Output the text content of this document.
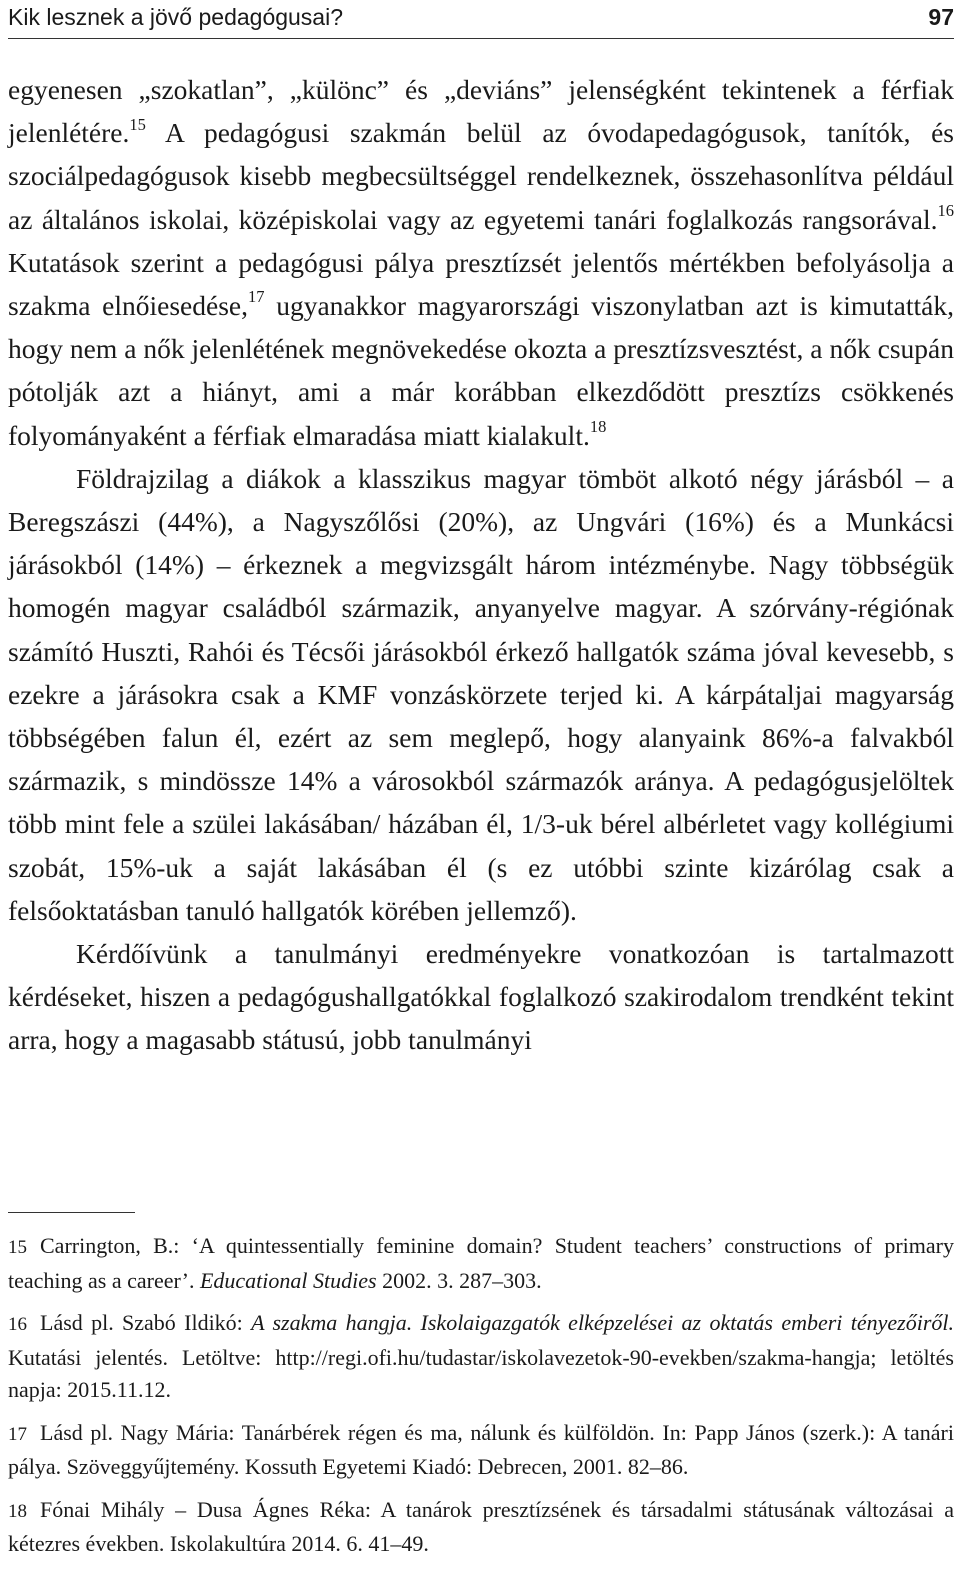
Kik lesznek a jövő pedagógusai?	97

egyenesen „szokatlan”, „különc” és „deviáns” jelenségként tekintenek a férfiak jelenlétére.$^{15}$ A pedagógusi szakmán belül az óvodapedagógusok, tanítók, és szociálpedagógusok kisebb megbecsültséggel rendelkeznek, összehasonlítva például az általános iskolai, középiskolai vagy az egyetemi tanári foglalkozás rangsorával.$^{16}$ Kutatások szerint a pedagógusi pálya presztízsét jelentős mértékben befolyásolja a szakma elnőiesedése,$^{17}$ ugyanakkor magyarországi viszonylatban azt is kimutatták, hogy nem a nők jelenlétének megnövekedése okozta a presztízsvesztést, a nők csupán pótolják azt a hiányt, ami a már korábban elkezdődött presztízs csökkenés folyományaként a férfiak elmaradása miatt kialakult.$^{18}$

Földrajzilag a diákok a klasszikus magyar tömböt alkotó négy járásból – a Beregszászi (44%), a Nagyszőlősi (20%), az Ungvári (16%) és a Munkácsi járásokból (14%) – érkeznek a megvizsgált három intézménybe. Nagy többségük homogén magyar családból származik, anyanyelve magyar. A szórvány-régiónak számító Huszti, Rahói és Técsői járásokból érkező hallgatók száma jóval kevesebb, s ezekre a járásokra csak a KMF vonzáskörzete terjed ki. A kárpátaljai magyarság többségében falun él, ezért az sem meglepő, hogy alanyaink 86%-a falvakból származik, s mindössze 14% a városokból származók aránya. A pedagógusjelöltek több mint fele a szülei lakásában/ házában él, 1/3-uk bérel albérletet vagy kollégiumi szobát, 15%-uk a saját lakásában él (s ez utóbbi szinte kizárólag csak a felsőoktatásban tanuló hallgatók körében jellemző).

Kérdőívünk a tanulmányi eredményekre vonatkozóan is tartalmazott kérdéseket, hiszen a pedagógushallgatókkal foglalkozó szakirodalom trendként tekint arra, hogy a magasabb státusú, jobb tanulmányi

15 Carrington, B.: ‘A quintessentially feminine domain? Student teachers’ constructions of primary teaching as a career’. Educational Studies 2002. 3. 287–303.

16 Lásd pl. Szabó Ildikó: A szakma hangja. Iskolaigazgatók elképzelései az oktatás emberi tényezőiről. Kutatási jelentés. Letöltve: http://regi.ofi.hu/tudastar/iskolavezetok-90-evekben/szakma-hangja; letöltés napja: 2015.11.12.

17 Lásd pl. Nagy Mária: Tanárbérek régen és ma, nálunk és külföldön. In: Papp János (szerk.): A tanári pálya. Szöveggyűjtemény. Kossuth Egyetemi Kiadó: Debrecen, 2001. 82–86.

18 Fónai Mihály – Dusa Ágnes Réka: A tanárok presztízsének és társadalmi státusának változásai a kétezres években. Iskolakultúra 2014. 6. 41–49.
